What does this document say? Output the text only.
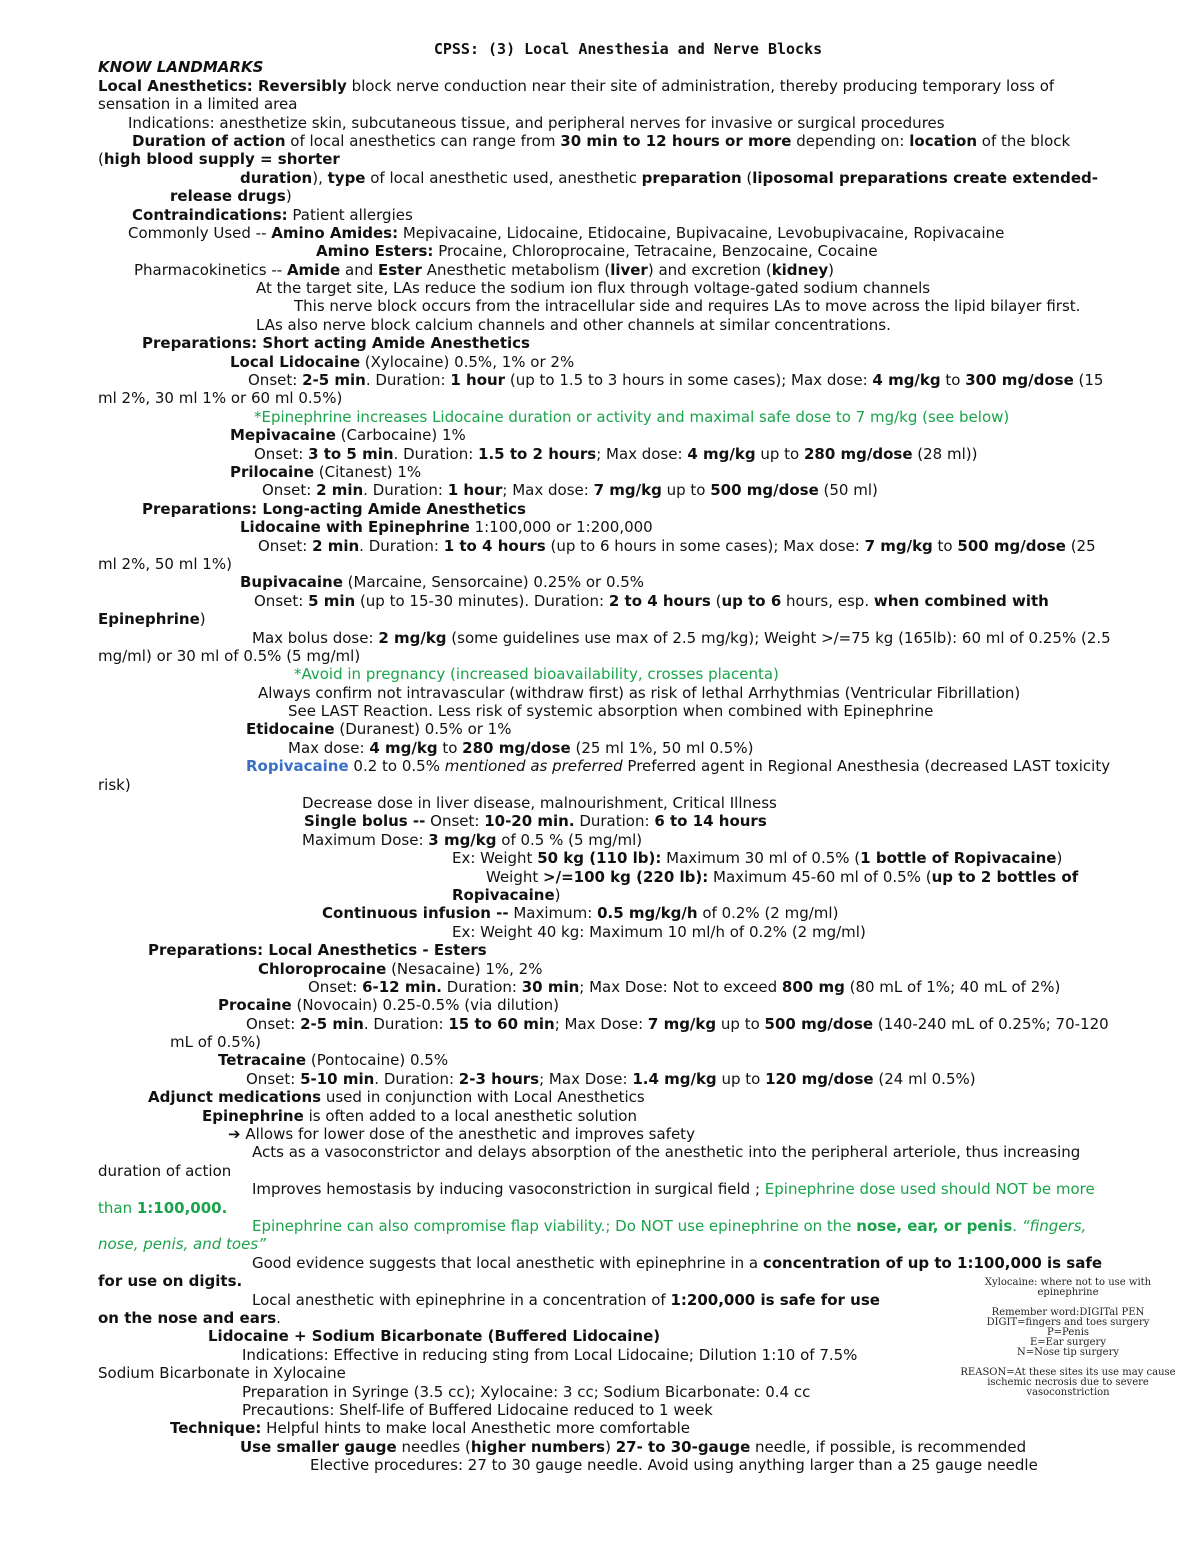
CPSS: (3) Local Anesthesia and Nerve Blocks
KNOW LANDMARKS
Local Anesthetics: Reversibly block nerve conduction near their site of administration, thereby producing temporary loss of
sensation in a limited area
Indications: anesthetize skin, subcutaneous tissue, and peripheral nerves for invasive or surgical procedures
Duration of action of local anesthetics can range from 30 min to 12 hours or more depending on: location of the block
(high blood supply = shorter
duration), type of local anesthetic used, anesthetic preparation (liposomal preparations create extended-
release drugs)
Contraindications: Patient allergies
Commonly Used -- Amino Amides: Mepivacaine, Lidocaine, Etidocaine, Bupivacaine, Levobupivacaine, Ropivacaine
Amino Esters: Procaine, Chloroprocaine, Tetracaine, Benzocaine, Cocaine
Pharmacokinetics -- Amide and Ester Anesthetic metabolism (liver) and excretion (kidney)
At the target site, LAs reduce the sodium ion flux through voltage-gated sodium channels
This nerve block occurs from the intracellular side and requires LAs to move across the lipid bilayer first.
LAs also nerve block calcium channels and other channels at similar concentrations.
Preparations: Short acting Amide Anesthetics
Local Lidocaine (Xylocaine) 0.5%, 1% or 2%
Onset: 2-5 min. Duration: 1 hour (up to 1.5 to 3 hours in some cases); Max dose: 4 mg/kg to 300 mg/dose (15
ml 2%, 30 ml 1% or 60 ml 0.5%)
*Epinephrine increases Lidocaine duration or activity and maximal safe dose to 7 mg/kg (see below)
Mepivacaine (Carbocaine) 1%
Onset: 3 to 5 min. Duration: 1.5 to 2 hours; Max dose: 4 mg/kg up to 280 mg/dose (28 ml))
Prilocaine (Citanest) 1%
Onset: 2 min. Duration: 1 hour; Max dose: 7 mg/kg up to 500 mg/dose (50 ml)
Preparations: Long-acting Amide Anesthetics
Lidocaine with Epinephrine 1:100,000 or 1:200,000
Onset: 2 min. Duration: 1 to 4 hours (up to 6 hours in some cases); Max dose: 7 mg/kg to 500 mg/dose (25
ml 2%, 50 ml 1%)
Bupivacaine (Marcaine, Sensorcaine) 0.25% or 0.5%
Onset: 5 min (up to 15-30 minutes). Duration: 2 to 4 hours (up to 6 hours, esp. when combined with
Epinephrine)
Max bolus dose: 2 mg/kg (some guidelines use max of 2.5 mg/kg); Weight >/=75 kg (165lb): 60 ml of 0.25% (2.5
mg/ml) or 30 ml of 0.5% (5 mg/ml)
*Avoid in pregnancy (increased bioavailability, crosses placenta)
Always confirm not intravascular (withdraw first) as risk of lethal Arrhythmias (Ventricular Fibrillation)
See LAST Reaction. Less risk of systemic absorption when combined with Epinephrine
Etidocaine (Duranest) 0.5% or 1%
Max dose: 4 mg/kg to 280 mg/dose (25 ml 1%, 50 ml 0.5%)
Ropivacaine 0.2 to 0.5% mentioned as preferred Preferred agent in Regional Anesthesia (decreased LAST toxicity
risk)
Decrease dose in liver disease, malnourishment, Critical Illness
Single bolus -- Onset: 10-20 min. Duration: 6 to 14 hours
Maximum Dose: 3 mg/kg of 0.5 % (5 mg/ml)
Ex: Weight 50 kg (110 lb): Maximum 30 ml of 0.5% (1 bottle of Ropivacaine)
Weight >/=100 kg (220 lb): Maximum 45-60 ml of 0.5% (up to 2 bottles of
Ropivacaine)
Continuous infusion -- Maximum: 0.5 mg/kg/h of 0.2% (2 mg/ml)
Ex: Weight 40 kg: Maximum 10 ml/h of 0.2% (2 mg/ml)
Preparations: Local Anesthetics - Esters
Chloroprocaine (Nesacaine) 1%, 2%
Onset: 6-12 min. Duration: 30 min; Max Dose: Not to exceed 800 mg (80 mL of 1%; 40 mL of 2%)
Procaine (Novocain) 0.25-0.5% (via dilution)
Onset: 2-5 min. Duration: 15 to 60 min; Max Dose: 7 mg/kg up to 500 mg/dose (140-240 mL of 0.25%; 70-120
mL of 0.5%)
Tetracaine (Pontocaine) 0.5%
Onset: 5-10 min. Duration: 2-3 hours; Max Dose: 1.4 mg/kg up to 120 mg/dose (24 ml 0.5%)
Adjunct medications used in conjunction with Local Anesthetics
Epinephrine is often added to a local anesthetic solution
➔ Allows for lower dose of the anesthetic and improves safety
Acts as a vasoconstrictor and delays absorption of the anesthetic into the peripheral arteriole, thus increasing
duration of action
Improves hemostasis by inducing vasoconstriction in surgical field ; Epinephrine dose used should NOT be more
than 1:100,000.
Epinephrine can also compromise flap viability.; Do NOT use epinephrine on the nose, ear, or penis. “fingers,
nose, penis, and toes”
Good evidence suggests that local anesthetic with epinephrine in a concentration of up to 1:100,000 is safe
for use on digits.
Local anesthetic with epinephrine in a concentration of 1:200,000 is safe for use
on the nose and ears.
Lidocaine + Sodium Bicarbonate (Buffered Lidocaine)
Indications: Effective in reducing sting from Local Lidocaine; Dilution 1:10 of 7.5%
Sodium Bicarbonate in Xylocaine
Preparation in Syringe (3.5 cc); Xylocaine: 3 cc; Sodium Bicarbonate: 0.4 cc
Precautions: Shelf-life of Buffered Lidocaine reduced to 1 week
Technique: Helpful hints to make local Anesthetic more comfortable
Use smaller gauge needles (higher numbers) 27- to 30-gauge needle, if possible, is recommended
Elective procedures: 27 to 30 gauge needle. Avoid using anything larger than a 25 gauge needle
Xylocaine: where not to use with
epinephrine
Remember word:DIGITal PEN
DIGIT=fingers and toes surgery
P=Penis
E=Ear surgery
N=Nose tip surgery
REASON=At these sites its use may cause
ischemic necrosis due to severe
vasoconstriction
